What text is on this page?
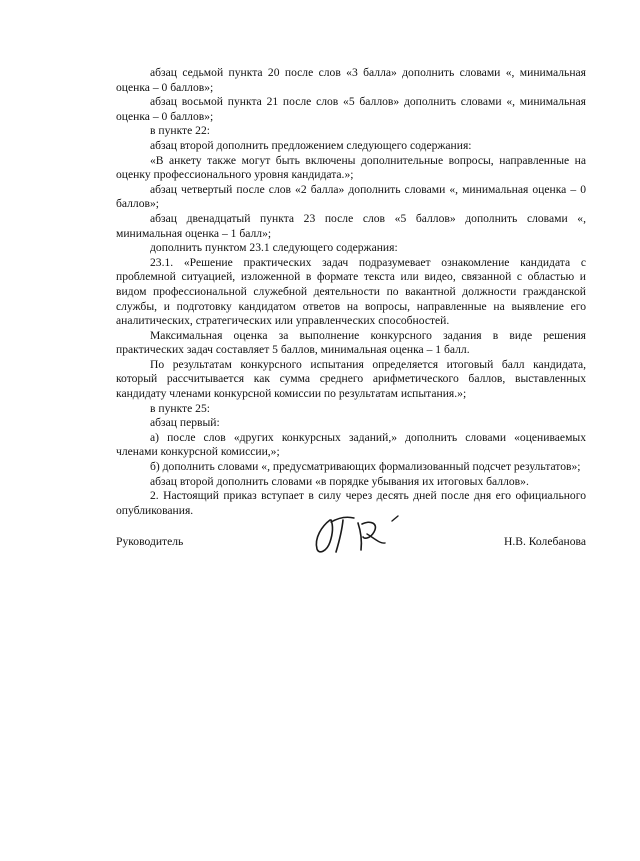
абзац седьмой пункта 20 после слов «3 балла» дополнить словами «, минимальная оценка – 0 баллов»;

абзац восьмой пункта 21 после слов «5 баллов» дополнить словами «, минимальная оценка – 0 баллов»;

в пункте 22:

абзац второй дополнить предложением следующего содержания:

«В анкету также могут быть включены дополнительные вопросы, направленные на оценку профессионального уровня кандидата.»;

абзац четвертый после слов «2 балла» дополнить словами «, минимальная оценка – 0 баллов»;

абзац двенадцатый пункта 23 после слов «5 баллов» дополнить словами «, минимальная оценка – 1 балл»;

дополнить пунктом 23.1 следующего содержания:

23.1. «Решение практических задач подразумевает ознакомление кандидата с проблемной ситуацией, изложенной в формате текста или видео, связанной с областью и видом профессиональной служебной деятельности по вакантной должности гражданской службы, и подготовку кандидатом ответов на вопросы, направленные на выявление его аналитических, стратегических или управленческих способностей.

Максимальная оценка за выполнение конкурсного задания в виде решения практических задач составляет 5 баллов, минимальная оценка – 1 балл.

По результатам конкурсного испытания определяется итоговый балл кандидата, который рассчитывается как сумма среднего арифметического баллов, выставленных кандидату членами конкурсной комиссии по результатам испытания.»;

в пункте 25:

абзац первый:

а) после слов «других конкурсных заданий,» дополнить словами «оцениваемых членами конкурсной комиссии,»;

б) дополнить словами «, предусматривающих формализованный подсчет результатов»;

абзац второй дополнить словами «в порядке убывания их итоговых баллов».

2. Настоящий приказ вступает в силу через десять дней после дня его официального опубликования.

Руководитель	Н.В. Колебанова
